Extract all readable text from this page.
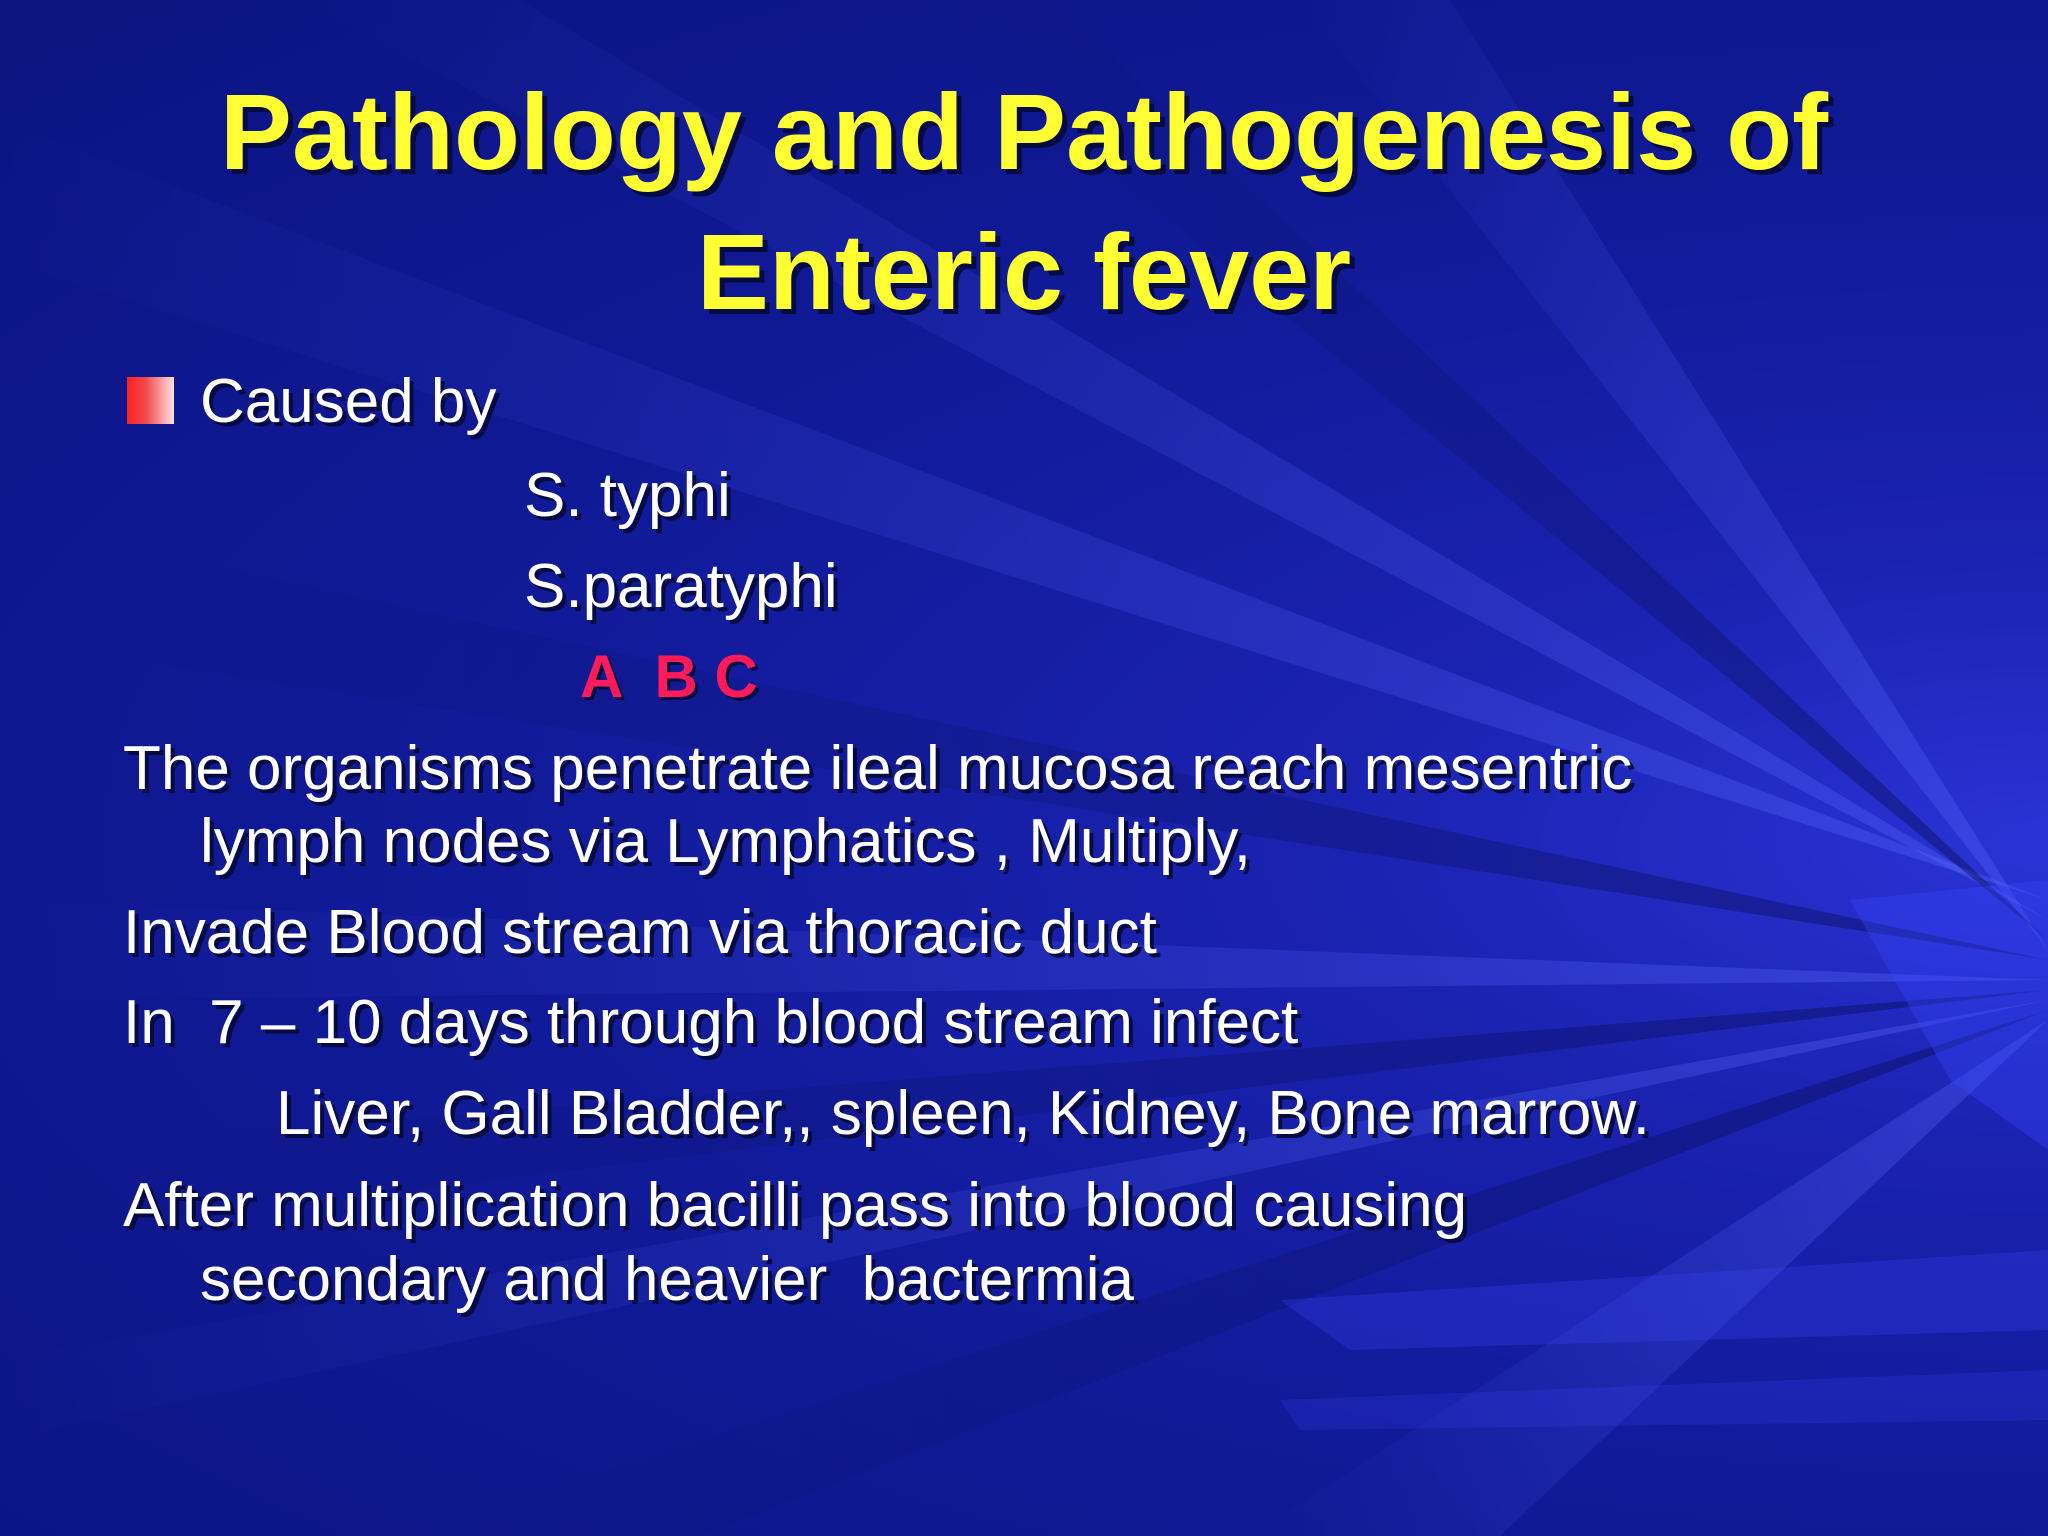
Pathology and Pathogenesis of
Enteric fever
Caused by
S. typhi
S.paratyphi
A  B C
The organisms penetrate ileal mucosa reach mesentric
lymph nodes via Lymphatics , Multiply,
Invade Blood stream via thoracic duct
In  7 – 10 days through blood stream infect
Liver, Gall Bladder,, spleen, Kidney, Bone marrow.
After multiplication bacilli pass into blood causing
secondary and heavier  bactermia
